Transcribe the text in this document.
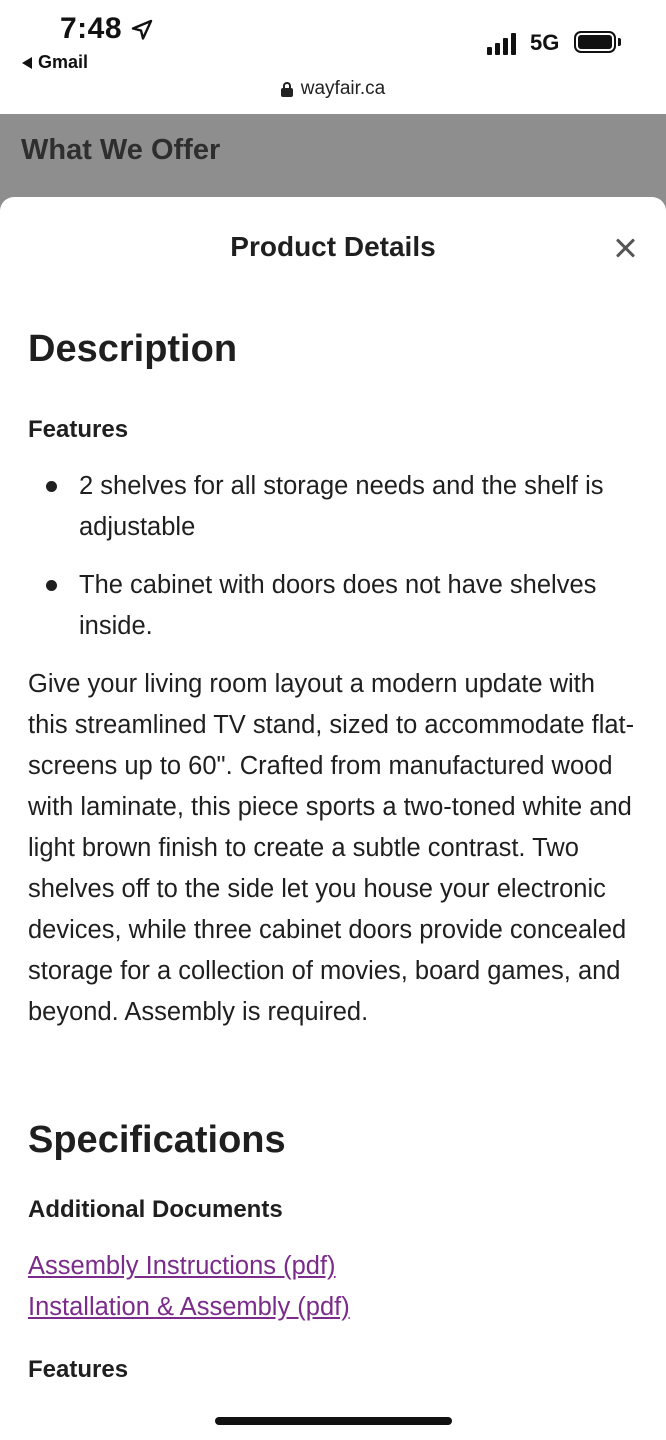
7:48
Gmail
5G
wayfair.ca
What We Offer
Product Details
Description
Features
2 shelves for all storage needs and the shelf is adjustable
The cabinet with doors does not have shelves inside.

Give your living room layout a modern update with this streamlined TV stand, sized to accommodate flat-screens up to 60". Crafted from manufactured wood with laminate, this piece sports a two-toned white and light brown finish to create a subtle contrast. Two shelves off to the side let you house your electronic devices, while three cabinet doors provide concealed storage for a collection of movies, board games, and beyond. Assembly is required.

Specifications
Additional Documents
Assembly Instructions (pdf)
Installation & Assembly (pdf)
Features
